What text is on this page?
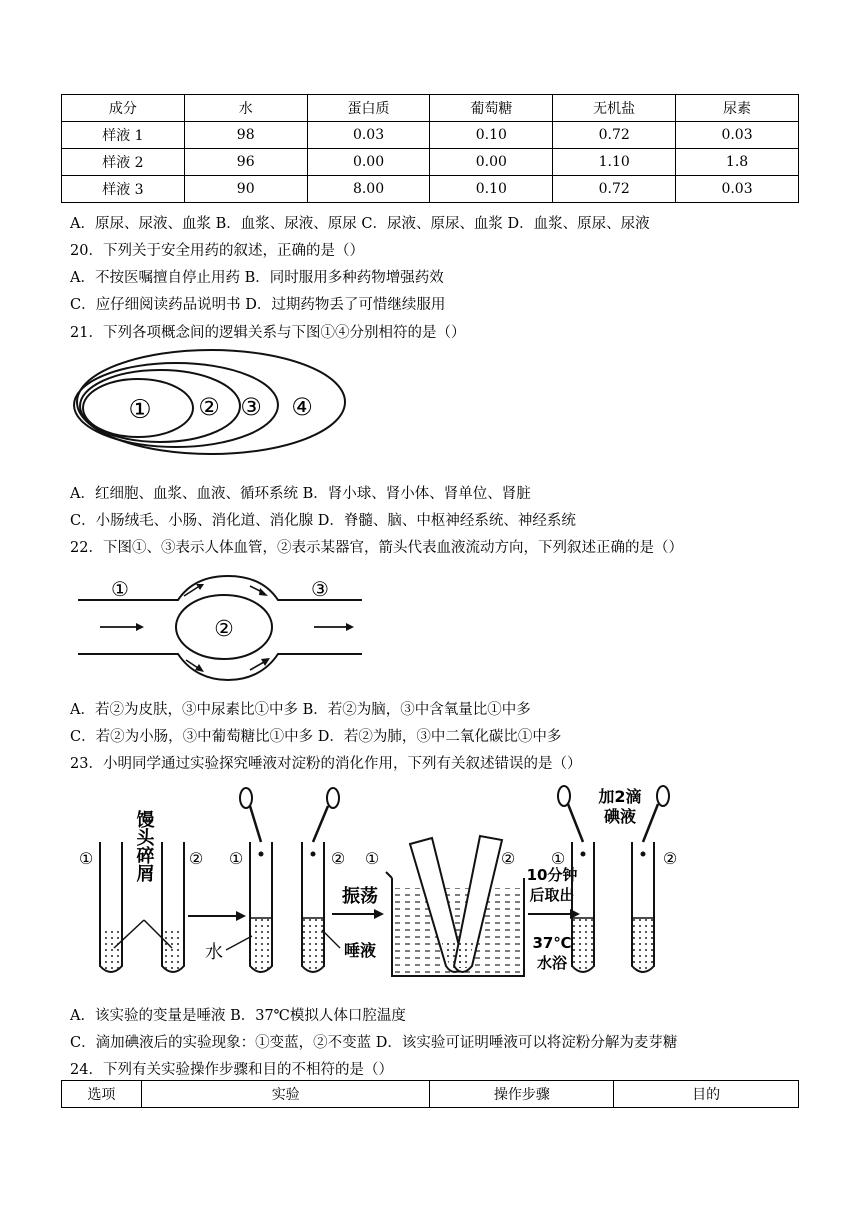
成分	水	蛋白质	葡萄糖	无机盐	尿素
样液 1	98	0.03	0.10	0.72	0.03
样液 2	96	0.00	0.00	1.10	1.8
样液 3	90	8.00	0.10	0.72	0.03
A．原尿、尿液、血浆 B．血浆、尿液、原尿 C．尿液、原尿、血浆 D．血浆、原尿、尿液
20．下列关于安全用药的叙述，正确的是（）
A．不按医嘱擅自停止用药 B．同时服用多种药物增强药效
C．应仔细阅读药品说明书 D．过期药物丢了可惜继续服用
21．下列各项概念间的逻辑关系与下图①④分别相符的是（）
① ② ③ ④
A．红细胞、血浆、血液、循环系统 B．肾小球、肾小体、肾单位、肾脏
C．小肠绒毛、小肠、消化道、消化腺 D．脊髓、脑、中枢神经系统、神经系统
22．下图①、③表示人体血管，②表示某器官，箭头代表血液流动方向，下列叙述正确的是（）
①
②
③
A．若②为皮肤，③中尿素比①中多 B．若②为脑，③中含氧量比①中多
C．若②为小肠，③中葡萄糖比①中多 D．若②为肺，③中二氧化碳比①中多
23．小明同学通过实验探究唾液对淀粉的消化作用，下列有关叙述错误的是（）
①	②
馒头碎屑	①
水
②
唾液
振荡
①	②
10分钟后取出
37℃水浴
①	②
加2滴碘液
A．该实验的变量是唾液 B．37℃模拟人体口腔温度
C．滴加碘液后的实验现象：①变蓝，②不变蓝 D．该实验可证明唾液可以将淀粉分解为麦芽糖
24．下列有关实验操作步骤和目的不相符的是（）
选项	实验	操作步骤	目的
